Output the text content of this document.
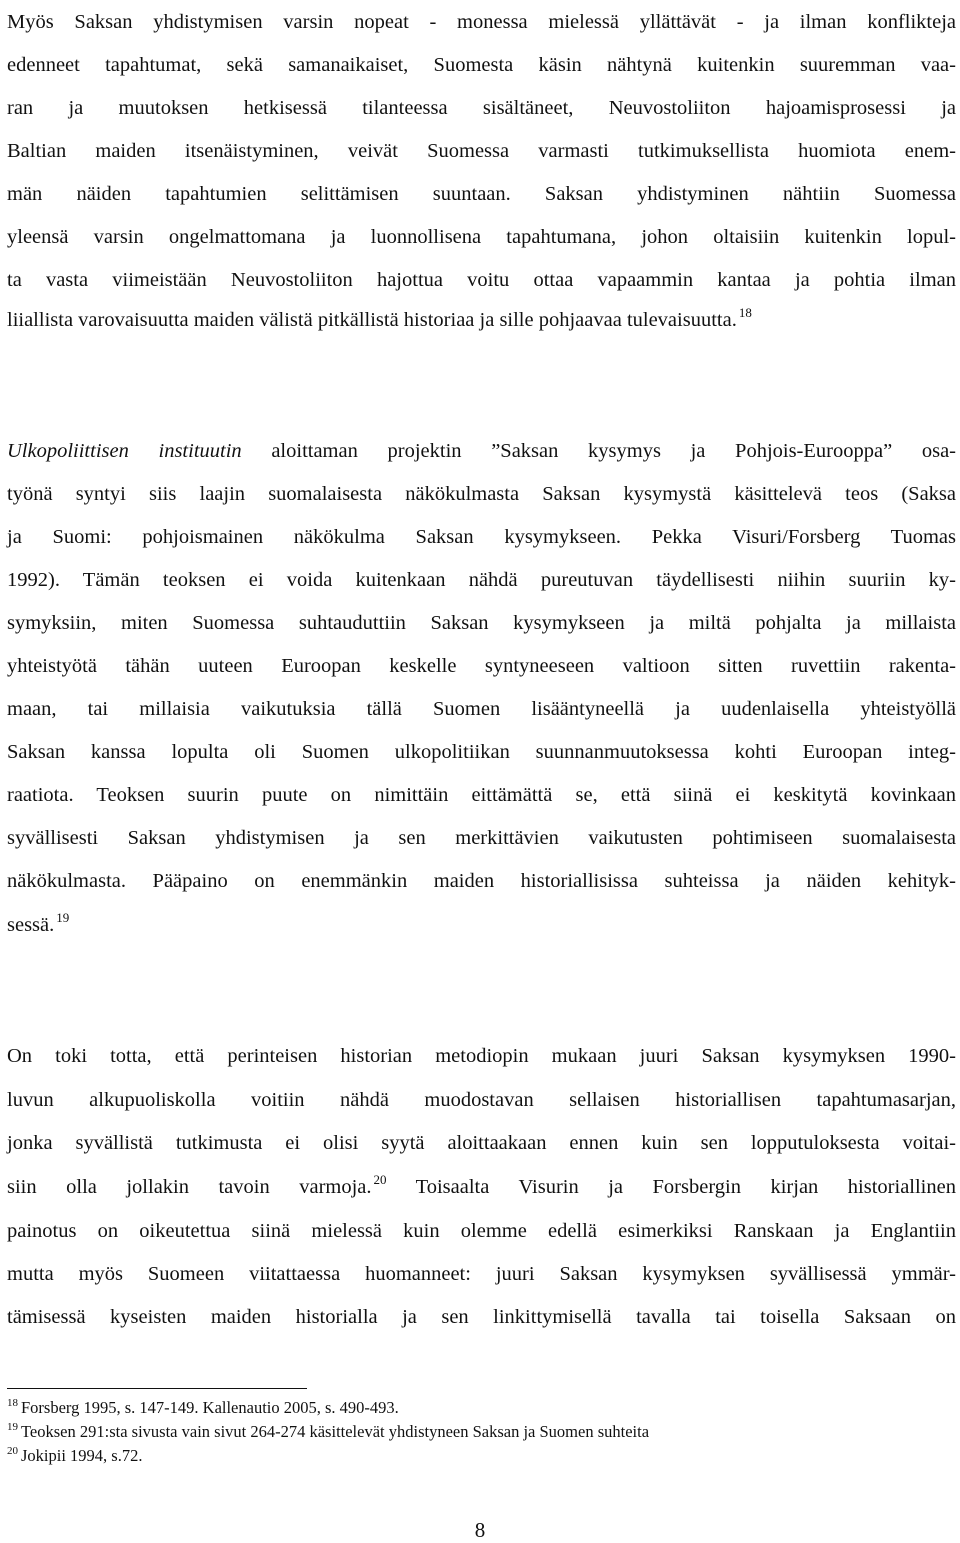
Myös Saksan yhdistymisen varsin nopeat - monessa mielessä yllättävät - ja ilman konflikteja
edenneet tapahtumat, sekä samanaikaiset, Suomesta käsin nähtynä kuitenkin suuremman vaa-
ran ja muutoksen hetkisessä tilanteessa sisältäneet, Neuvostoliiton hajoamisprosessi ja
Baltian maiden itsenäistyminen, veivät Suomessa varmasti tutkimuksellista huomiota enem-
män näiden tapahtumien selittämisen suuntaan. Saksan yhdistyminen nähtiin Suomessa
yleensä varsin ongelmattomana ja luonnollisena tapahtumana, johon oltaisiin kuitenkin lopul-
ta vasta viimeistään Neuvostoliiton hajottua voitu ottaa vapaammin kantaa ja pohtia ilman
liiallista varovaisuutta maiden välistä pitkällistä historiaa ja sille pohjaavaa tulevaisuutta. $^{18}$
Ulkopoliittisen instituutin aloittaman projektin ”Saksan kysymys ja Pohjois-Eurooppa” osa-
työnä syntyi siis laajin suomalaisesta näkökulmasta Saksan kysymystä käsittelevä teos (Saksa
ja Suomi: pohjoismainen näkökulma Saksan kysymykseen. Pekka Visuri/Forsberg Tuomas
1992). Tämän teoksen ei voida kuitenkaan nähdä pureutuvan täydellisesti niihin suuriin ky-
symyksiin, miten Suomessa suhtauduttiin Saksan kysymykseen ja miltä pohjalta ja millaista
yhteistyötä tähän uuteen Euroopan keskelle syntyneeseen valtioon sitten ruvettiin rakenta-
maan, tai millaisia vaikutuksia tällä Suomen lisääntyneellä ja uudenlaisella yhteistyöllä
Saksan kanssa lopulta oli Suomen ulkopolitiikan suunnanmuutoksessa kohti Euroopan integ-
raatiota. Teoksen suurin puute on nimittäin eittämättä se, että siinä ei keskitytä kovinkaan
syvällisesti Saksan yhdistymisen ja sen merkittävien vaikutusten pohtimiseen suomalaisesta
näkökulmasta. Pääpaino on enemmänkin maiden historiallisissa suhteissa ja näiden kehityk-
sessä. $^{19}$
On toki totta, että perinteisen historian metodiopin mukaan juuri Saksan kysymyksen 1990-
luvun alkupuoliskolla voitiin nähdä muodostavan sellaisen historiallisen tapahtumasarjan,
jonka syvällistä tutkimusta ei olisi syytä aloittaakaan ennen kuin sen lopputuloksesta voitai-
siin olla jollakin tavoin varmoja. $^{20}$ Toisaalta Visurin ja Forsbergin kirjan historiallinen
painotus on oikeutettua siinä mielessä kuin olemme edellä esimerkiksi Ranskaan ja Englantiin
mutta myös Suomeen viitattaessa huomanneet: juuri Saksan kysymyksen syvällisessä ymmär-
tämisessä kyseisten maiden historialla ja sen linkittymisellä tavalla tai toisella Saksaan on
$^{18}$ Forsberg 1995, s. 147-149. Kallenautio 2005, s. 490-493.
$^{19}$ Teoksen 291:sta sivusta vain sivut 264-274 käsittelevät yhdistyneen Saksan ja Suomen suhteita
$^{20}$ Jokipii 1994, s.72.
8
